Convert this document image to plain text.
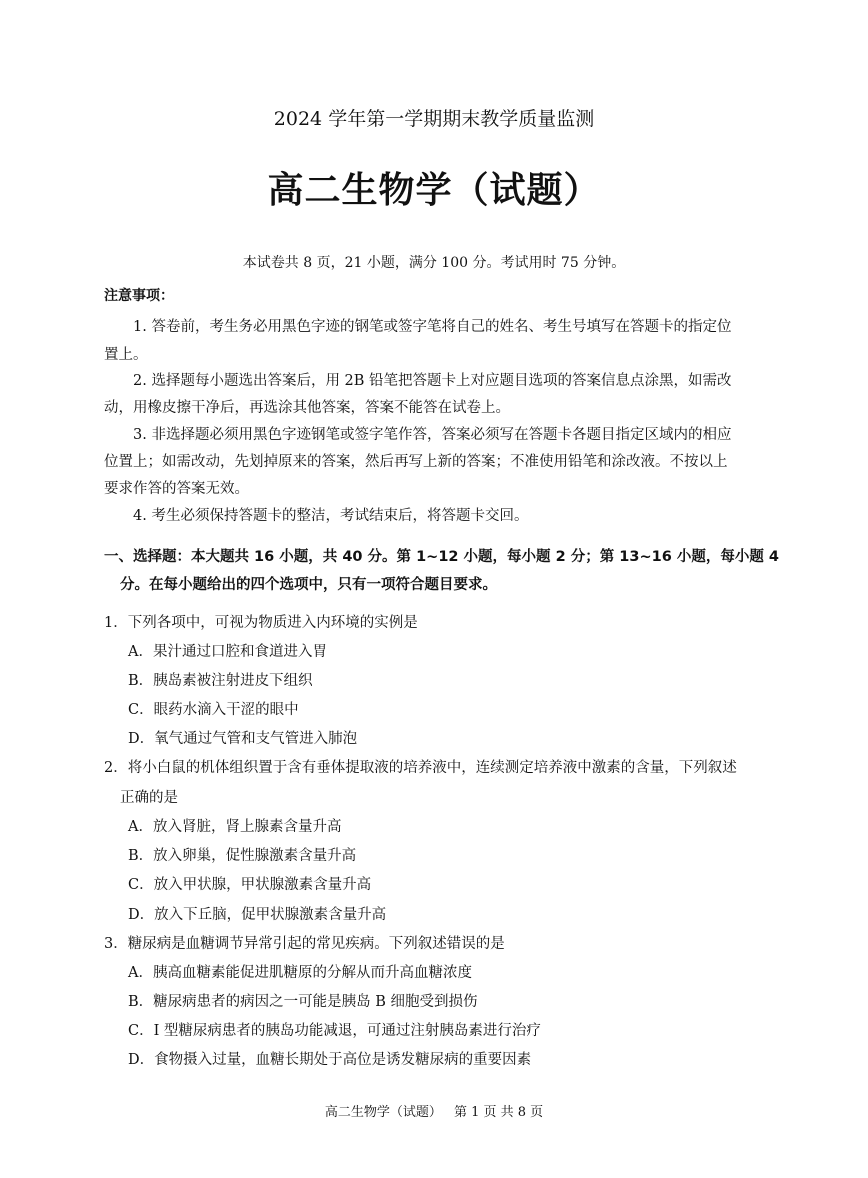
2024 学年第一学期期末教学质量监测
高二生物学（试题）
本试卷共 8 页，21 小题，满分 100 分。考试用时 75 分钟。
注意事项：
1. 答卷前，考生务必用黑色字迹的钢笔或签字笔将自己的姓名、考生号填写在答题卡的指定位
置上。
2. 选择题每小题选出答案后，用 2B 铅笔把答题卡上对应题目选项的答案信息点涂黑，如需改
动，用橡皮擦干净后，再选涂其他答案，答案不能答在试卷上。
3. 非选择题必须用黑色字迹钢笔或签字笔作答，答案必须写在答题卡各题目指定区域内的相应
位置上；如需改动，先划掉原来的答案，然后再写上新的答案；不准使用铅笔和涂改液。不按以上
要求作答的答案无效。
4. 考生必须保持答题卡的整洁，考试结束后，将答题卡交回。
一、选择题：本大题共 16 小题，共 40 分。第 1~12 小题，每小题 2 分；第 13~16 小题，每小题 4
分。在每小题给出的四个选项中，只有一项符合题目要求。
1．下列各项中，可视为物质进入内环境的实例是
A．果汁通过口腔和食道进入胃
B．胰岛素被注射进皮下组织
C．眼药水滴入干涩的眼中
D．氧气通过气管和支气管进入肺泡
2．将小白鼠的机体组织置于含有垂体提取液的培养液中，连续测定培养液中激素的含量，下列叙述
正确的是
A．放入肾脏，肾上腺素含量升高
B．放入卵巢，促性腺激素含量升高
C．放入甲状腺，甲状腺激素含量升高
D．放入下丘脑，促甲状腺激素含量升高
3．糖尿病是血糖调节异常引起的常见疾病。下列叙述错误的是
A．胰高血糖素能促进肌糖原的分解从而升高血糖浓度
B．糖尿病患者的病因之一可能是胰岛 B 细胞受到损伤
C．I 型糖尿病患者的胰岛功能减退，可通过注射胰岛素进行治疗
D．食物摄入过量，血糖长期处于高位是诱发糖尿病的重要因素
高二生物学（试题） 第 1 页 共 8 页
